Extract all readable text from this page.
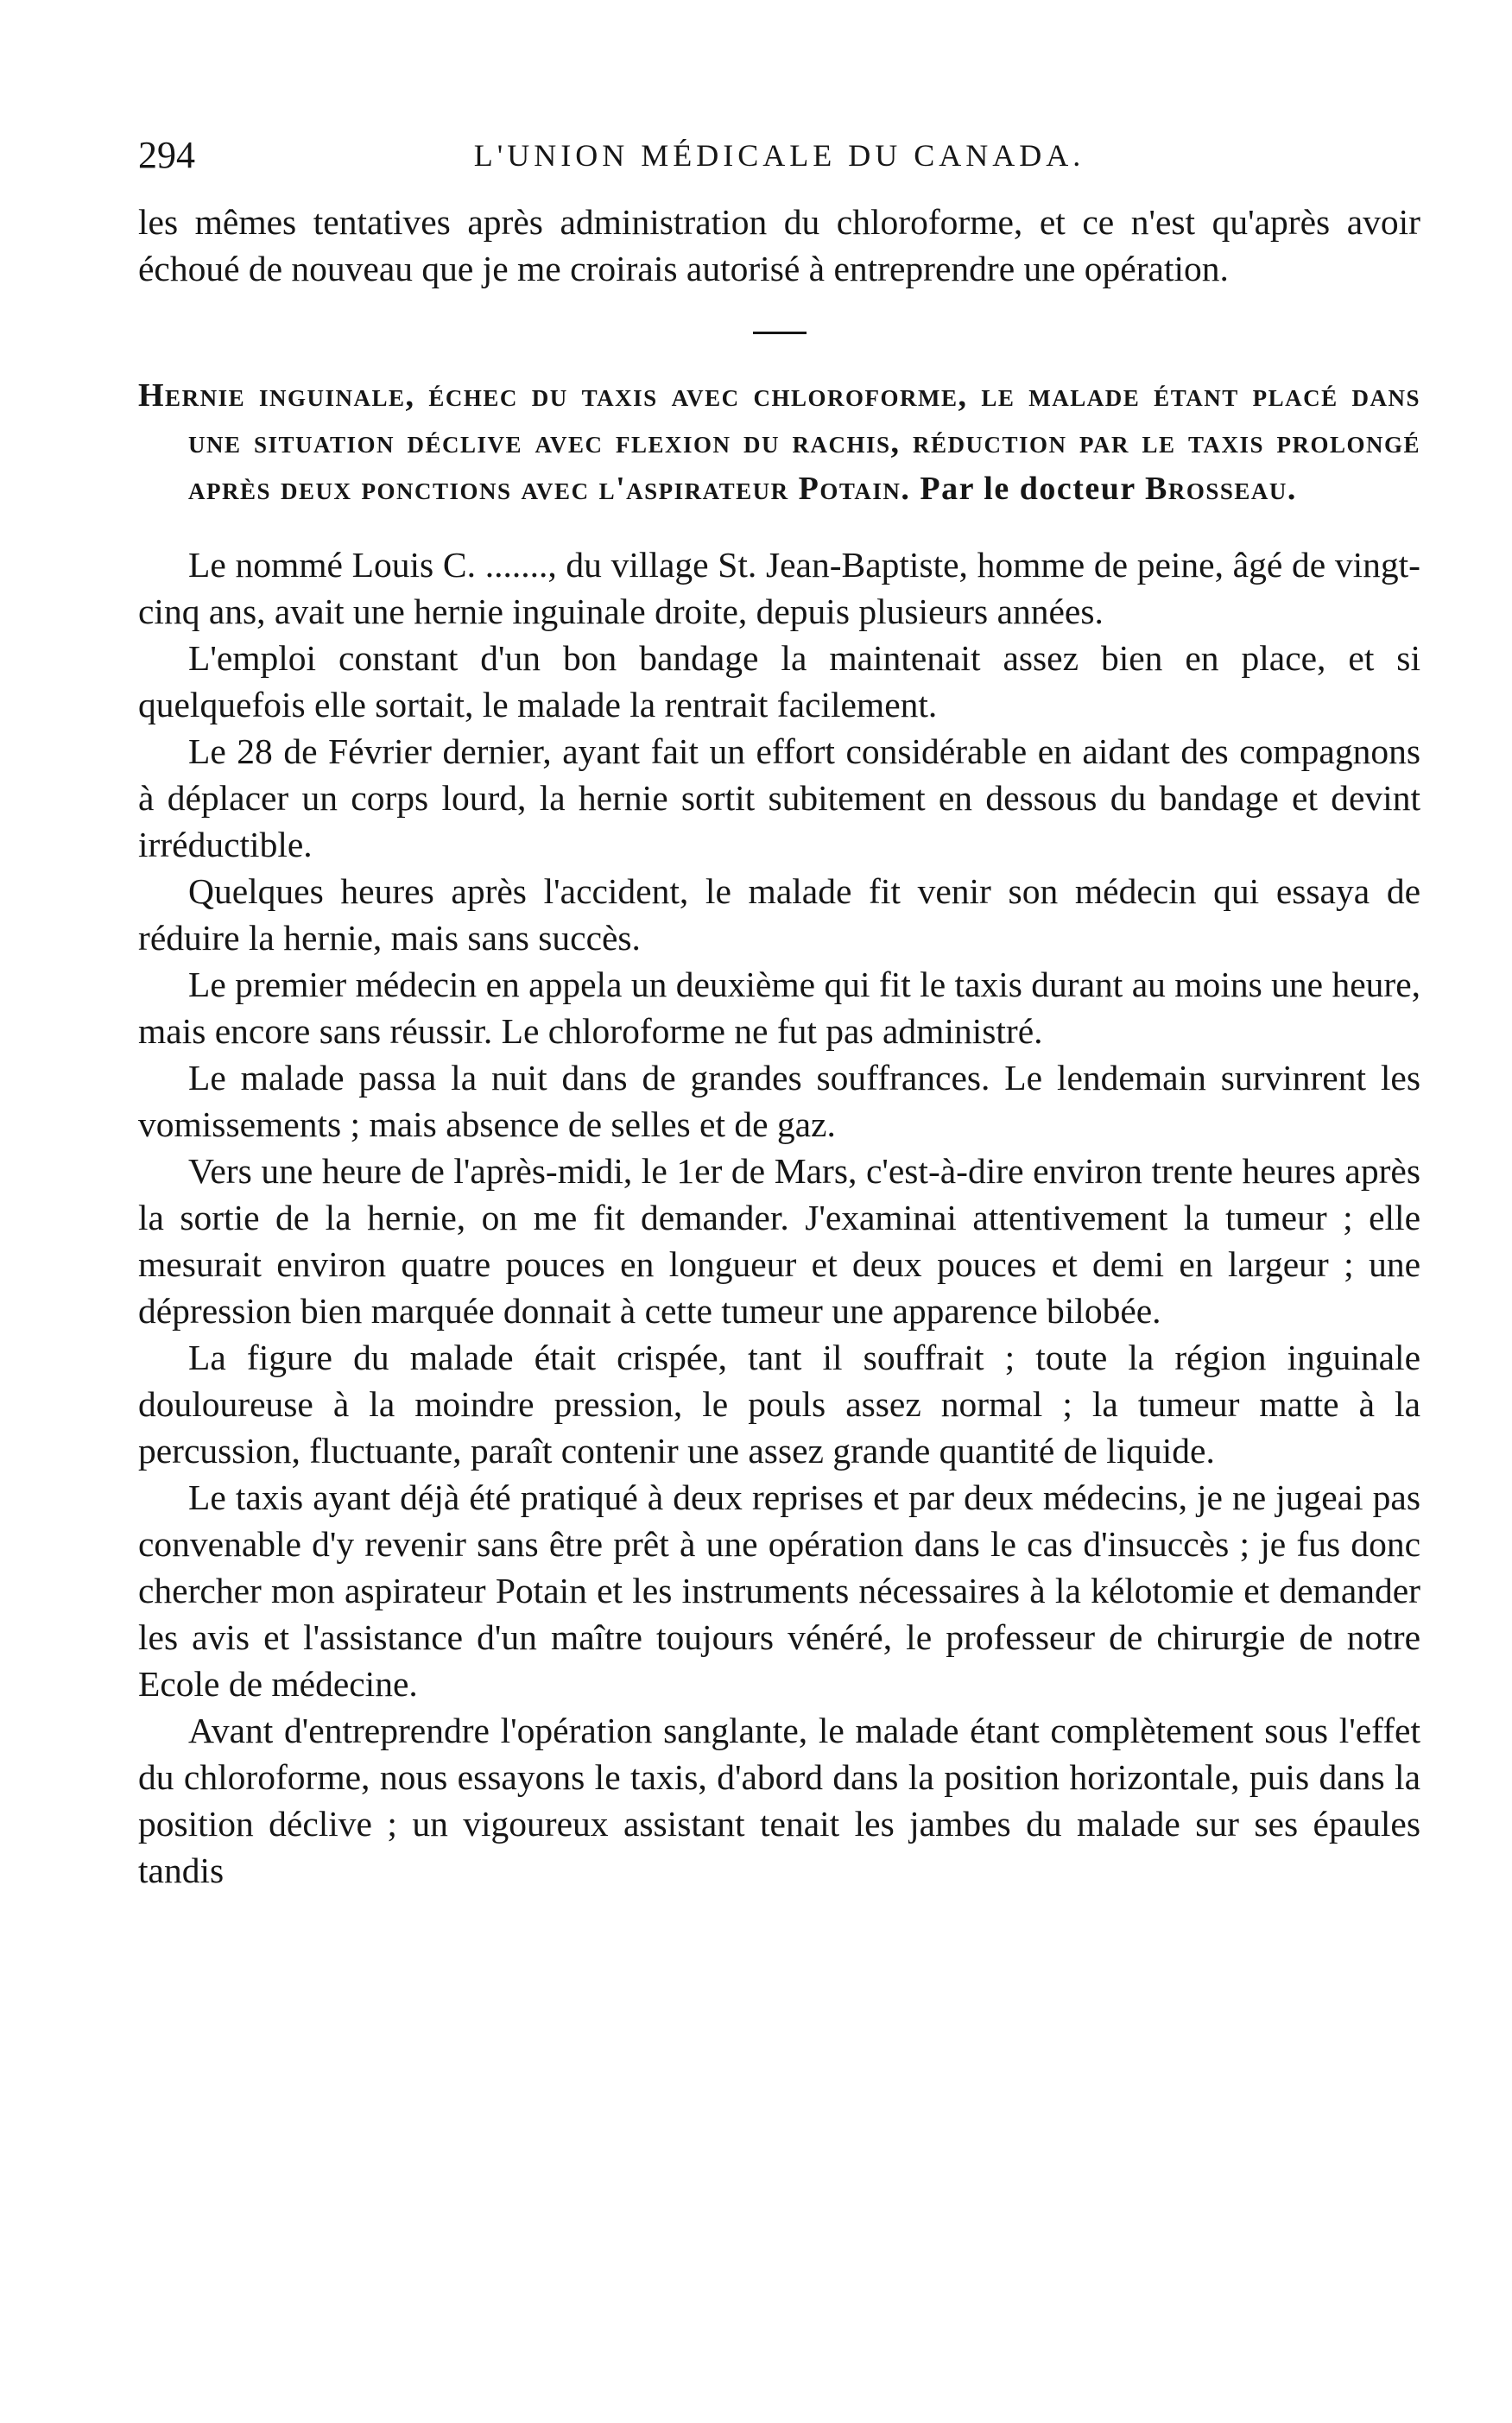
294	L'UNION MÉDICALE DU CANADA.

les mêmes tentatives après administration du chloroforme, et ce n'est qu'après avoir échoué de nouveau que je me croirais autorisé à entreprendre une opération.

Hernie inguinale, échec du taxis avec chloroforme, le malade étant placé dans une situation déclive avec flexion du rachis, réduction par le taxis prolongé après deux ponctions avec l'aspirateur Potain. Par le docteur Brosseau.

Le nommé Louis C. ......., du village St. Jean-Baptiste, homme de peine, âgé de vingt-cinq ans, avait une hernie inguinale droite, depuis plusieurs années.

L'emploi constant d'un bon bandage la maintenait assez bien en place, et si quelquefois elle sortait, le malade la rentrait facilement.

Le 28 de Février dernier, ayant fait un effort considérable en aidant des compagnons à déplacer un corps lourd, la hernie sortit subitement en dessous du bandage et devint irréductible.

Quelques heures après l'accident, le malade fit venir son médecin qui essaya de réduire la hernie, mais sans succès.

Le premier médecin en appela un deuxième qui fit le taxis durant au moins une heure, mais encore sans réussir. Le chloroforme ne fut pas administré.

Le malade passa la nuit dans de grandes souffrances. Le lendemain survinrent les vomissements ; mais absence de selles et de gaz.

Vers une heure de l'après-midi, le 1er de Mars, c'est-à-dire environ trente heures après la sortie de la hernie, on me fit demander. J'examinai attentivement la tumeur ; elle mesurait environ quatre pouces en longueur et deux pouces et demi en largeur ; une dépression bien marquée donnait à cette tumeur une apparence bilobée.

La figure du malade était crispée, tant il souffrait ; toute la région inguinale douloureuse à la moindre pression, le pouls assez normal ; la tumeur matte à la percussion, fluctuante, paraît contenir une assez grande quantité de liquide.

Le taxis ayant déjà été pratiqué à deux reprises et par deux médecins, je ne jugeai pas convenable d'y revenir sans être prêt à une opération dans le cas d'insuccès ; je fus donc chercher mon aspirateur Potain et les instruments nécessaires à la kélotomie et demander les avis et l'assistance d'un maître toujours vénéré, le professeur de chirurgie de notre Ecole de médecine.

Avant d'entreprendre l'opération sanglante, le malade étant complètement sous l'effet du chloroforme, nous essayons le taxis, d'abord dans la position horizontale, puis dans la position déclive ; un vigoureux assistant tenait les jambes du malade sur ses épaules tandis
